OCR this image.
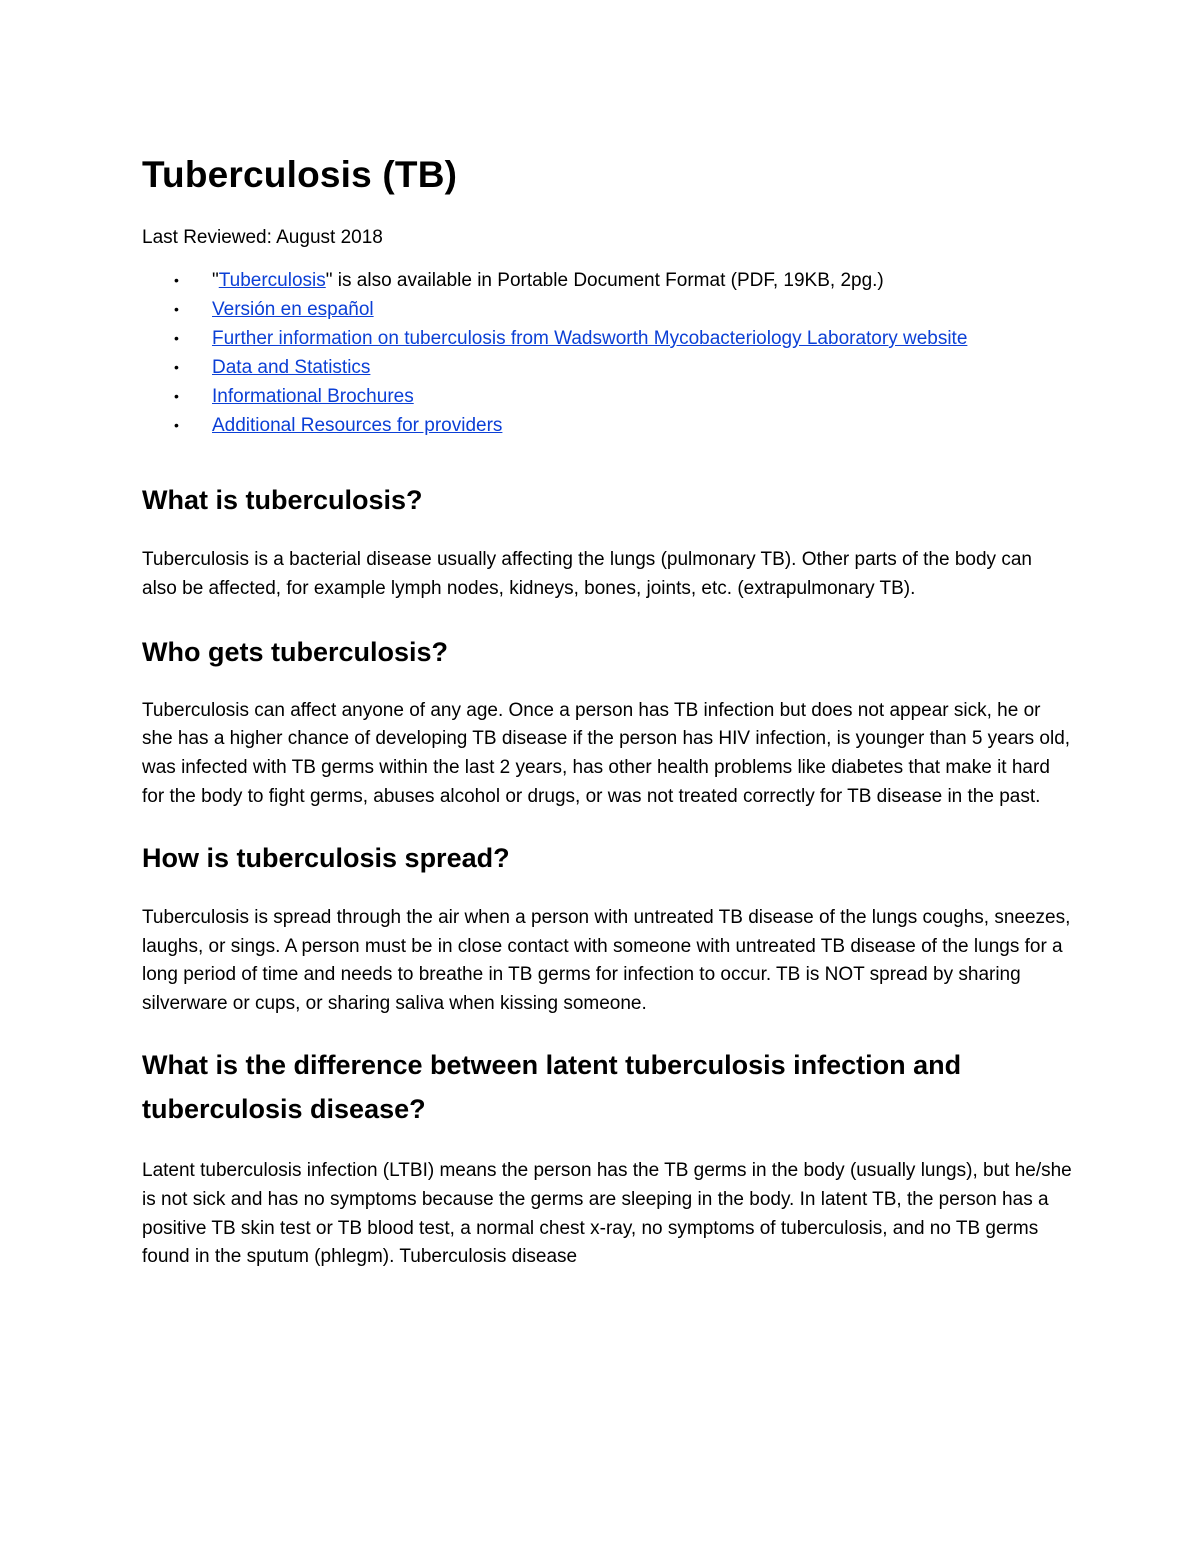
Tuberculosis (TB)

Last Reviewed: August 2018

• "Tuberculosis" is also available in Portable Document Format (PDF, 19KB, 2pg.)
• Versión en español
• Further information on tuberculosis from Wadsworth Mycobacteriology Laboratory website
• Data and Statistics
• Informational Brochures
• Additional Resources for providers
What is tuberculosis?

Tuberculosis is a bacterial disease usually affecting the lungs (pulmonary TB). Other parts of the body can also be affected, for example lymph nodes, kidneys, bones, joints, etc. (extrapulmonary TB).

Who gets tuberculosis?

Tuberculosis can affect anyone of any age. Once a person has TB infection but does not appear sick, he or she has a higher chance of developing TB disease if the person has HIV infection, is younger than 5 years old, was infected with TB germs within the last 2 years, has other health problems like diabetes that make it hard for the body to fight germs, abuses alcohol or drugs, or was not treated correctly for TB disease in the past.

How is tuberculosis spread?

Tuberculosis is spread through the air when a person with untreated TB disease of the lungs coughs, sneezes, laughs, or sings. A person must be in close contact with someone with untreated TB disease of the lungs for a long period of time and needs to breathe in TB germs for infection to occur. TB is NOT spread by sharing silverware or cups, or sharing saliva when kissing someone.

What is the difference between latent tuberculosis infection and tuberculosis disease?

Latent tuberculosis infection (LTBI) means the person has the TB germs in the body (usually lungs), but he/she is not sick and has no symptoms because the germs are sleeping in the body. In latent TB, the person has a positive TB skin test or TB blood test, a normal chest x-ray, no symptoms of tuberculosis, and no TB germs found in the sputum (phlegm). Tuberculosis disease
